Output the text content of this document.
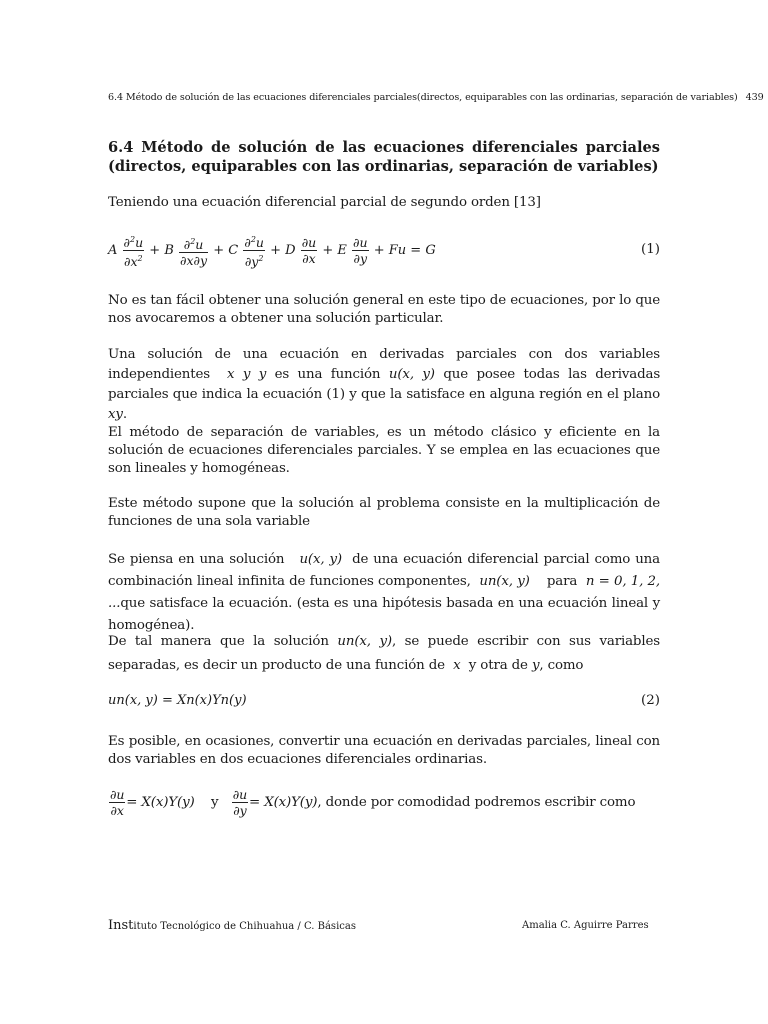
6.4 Método de solución de las ecuaciones diferenciales parciales(directos, equiparables con las ordinarias, separación de variables) 439
6.4 Método de solución de las ecuaciones diferenciales parciales (directos, equiparables con las ordinarias, separación de variables)
Teniendo una ecuación diferencial parcial de segundo orden [13]
A $\frac{\partial^2u}{\partial x^2} + B \frac{\partial^2u}{\partial x\partial y} + C \frac{\partial^2u}{\partial y^2} + D \frac{\partial u}{\partial x} + E \frac{\partial u}{\partial y} + Fu = G$	(1)
No es tan fácil obtener una solución general en este tipo de ecuaciones, por lo que nos avocaremos a obtener una solución particular.
Una solución de una ecuación en derivadas parciales con dos variables independientes x y y es una función u(x, y) que posee todas las derivadas parciales que indica la ecuación (1) y que la satisface en alguna región en el plano xy.
El método de separación de variables, es un método clásico y eficiente en la solución de ecuaciones diferenciales parciales. Y se emplea en las ecuaciones que son lineales y homogéneas.
Este método supone que la solución al problema consiste en la multiplicación de funciones de una sola variable
Se piensa en una solución u(x, y) de una ecuación diferencial parcial como una combinación lineal infinita de funciones componentes, un(x, y) para n = 0, 1, 2, ...que satisface la ecuación. (esta es una hipótesis basada en una ecuación lineal y homogénea).
De tal manera que la solución un(x, y), se puede escribir con sus variables separadas, es decir un producto de una función de x y otra de y, como
un(x, y) = Xn(x)Yn(y)	(2)
Es posible, en ocasiones, convertir una ecuación en derivadas parciales, lineal con dos variables en dos ecuaciones diferenciales ordinarias.
$\frac{\partial u}{\partial x} = X(x)Y(y)$ y $\frac{\partial u}{\partial y} = X(x)Y(y)$, donde por comodidad podremos escribir como
Instituto Tecnológico de Chihuahua / C. Básicas	Amalia C. Aguirre Parres
